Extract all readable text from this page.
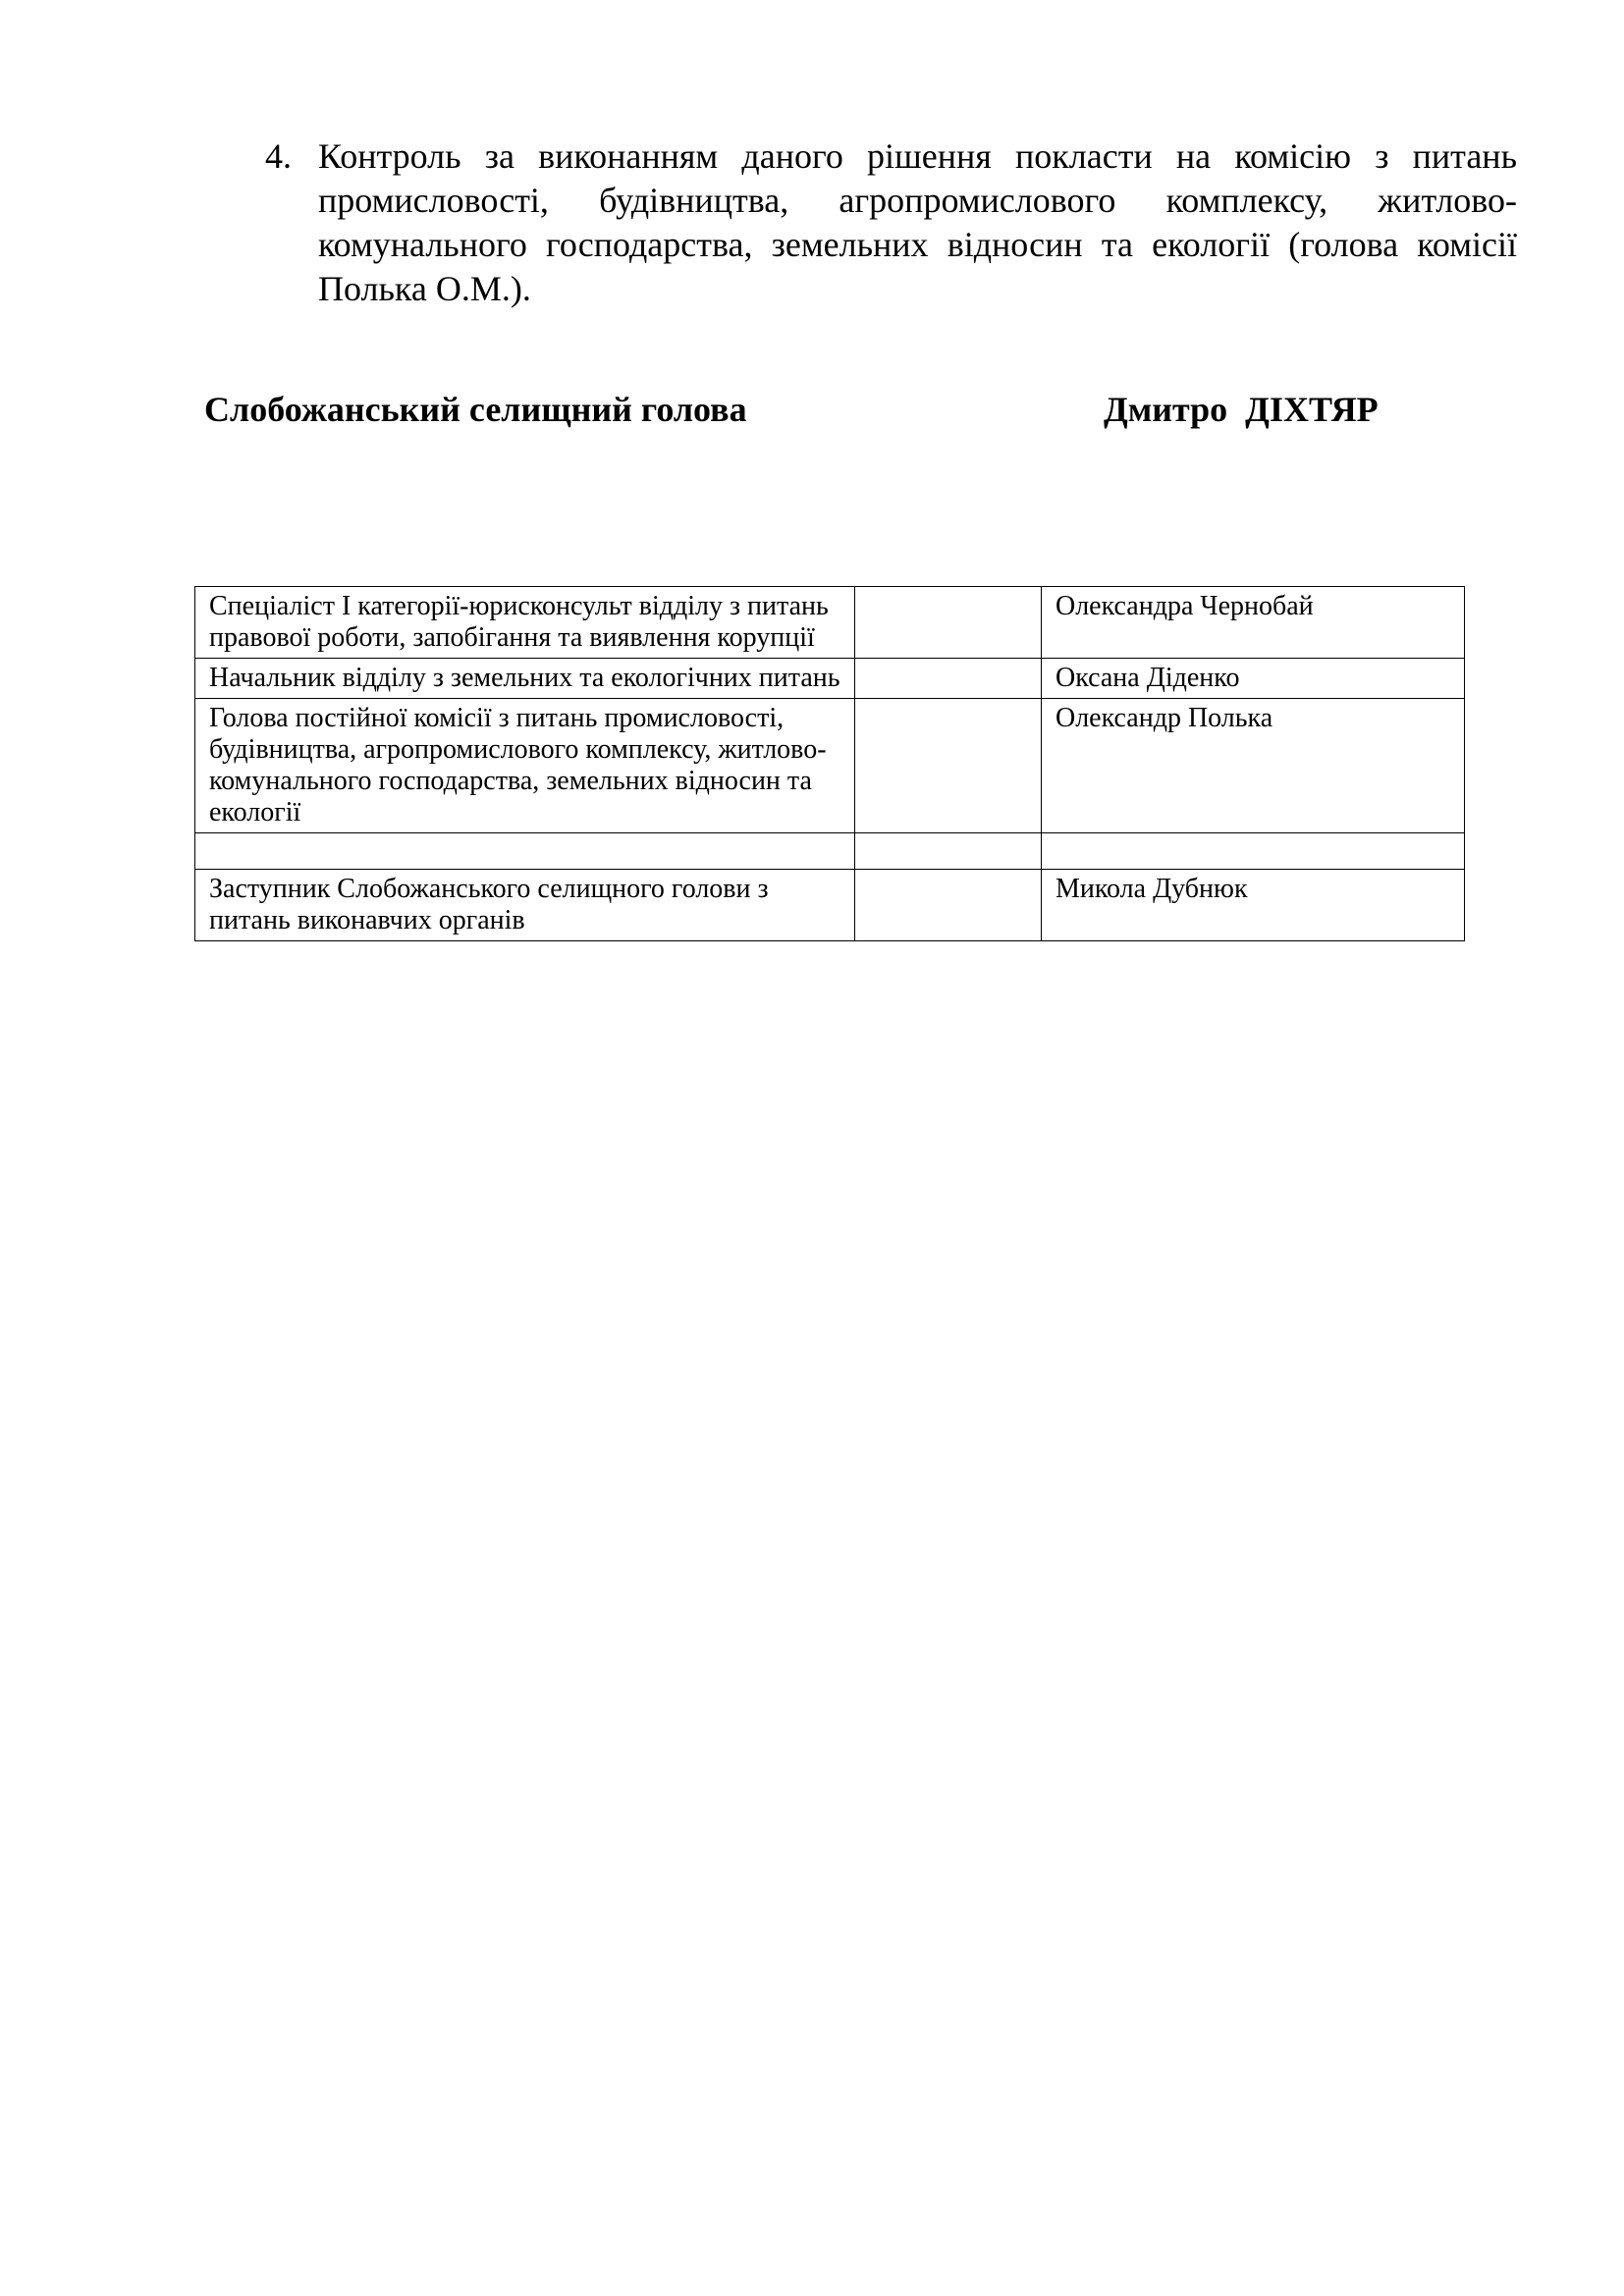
4. Контроль за виконанням даного рішення покласти на комісію з питань промисловості, будівництва, агропромислового комплексу, житлово-комунального господарства, земельних відносин та екології (голова комісії Полька О.М.).
Слобожанський селищний голова	Дмитро  ДІХТЯР
Спеціаліст І категорії-юрисконсульт відділу з питань правової роботи, запобігання та виявлення корупції		Олександра Чернобай
Начальник відділу з земельних та екологічних питань		Оксана Діденко
Голова постійної комісії з питань промисловості, будівництва, агропромислового комплексу, житлово-комунального господарства, земельних відносин та екології		Олександр Полька

Заступник Слобожанського селищного голови з питань виконавчих органів		Микола Дубнюк
